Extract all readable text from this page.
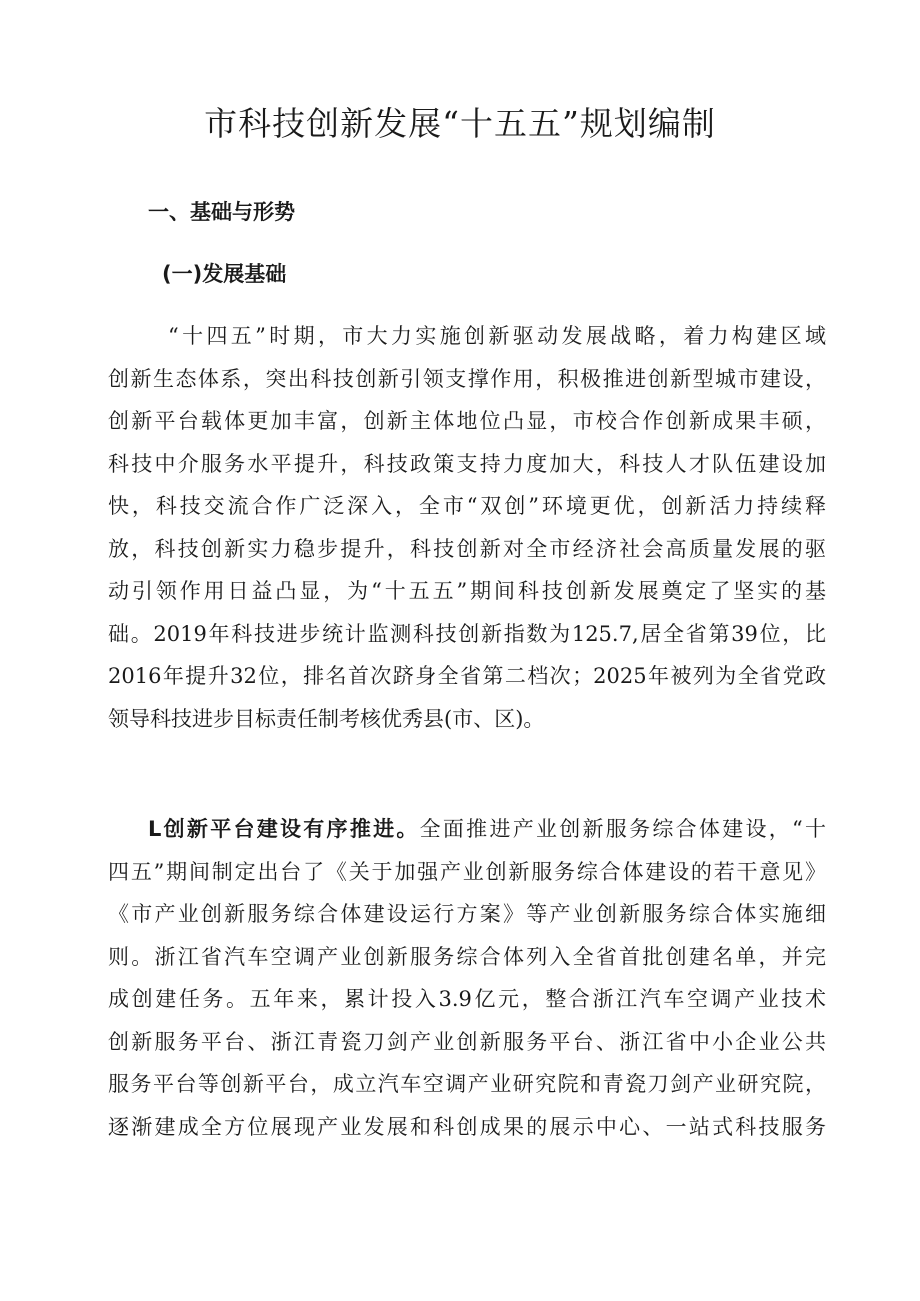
市科技创新发展“十五五”规划编制
一、基础与形势
(一)发展基础
“十四五”时期，市大力实施创新驱动发展战略，着力构建区域
创新生态体系，突出科技创新引领支撑作用，积极推进创新型城市建设，
创新平台载体更加丰富，创新主体地位凸显，市校合作创新成果丰硕，
科技中介服务水平提升，科技政策支持力度加大，科技人才队伍建设加
快，科技交流合作广泛深入，全市“双创”环境更优，创新活力持续释
放，科技创新实力稳步提升，科技创新对全市经济社会高质量发展的驱
动引领作用日益凸显，为“十五五”期间科技创新发展奠定了坚实的基
础。2019年科技进步统计监测科技创新指数为125.7,居全省第39位，比
2016年提升32位，排名首次跻身全省第二档次；2025年被列为全省党政
领导科技进步目标责任制考核优秀县(市、区)。
L创新平台建设有序推进。全面推进产业创新服务综合体建设，“十
四五”期间制定出台了《关于加强产业创新服务综合体建设的若干意见》
《市产业创新服务综合体建设运行方案》等产业创新服务综合体实施细
则。浙江省汽车空调产业创新服务综合体列入全省首批创建名单，并完
成创建任务。五年来，累计投入3.9亿元，整合浙江汽车空调产业技术
创新服务平台、浙江青瓷刀剑产业创新服务平台、浙江省中小企业公共
服务平台等创新平台，成立汽车空调产业研究院和青瓷刀剑产业研究院，
逐渐建成全方位展现产业发展和科创成果的展示中心、一站式科技服务
